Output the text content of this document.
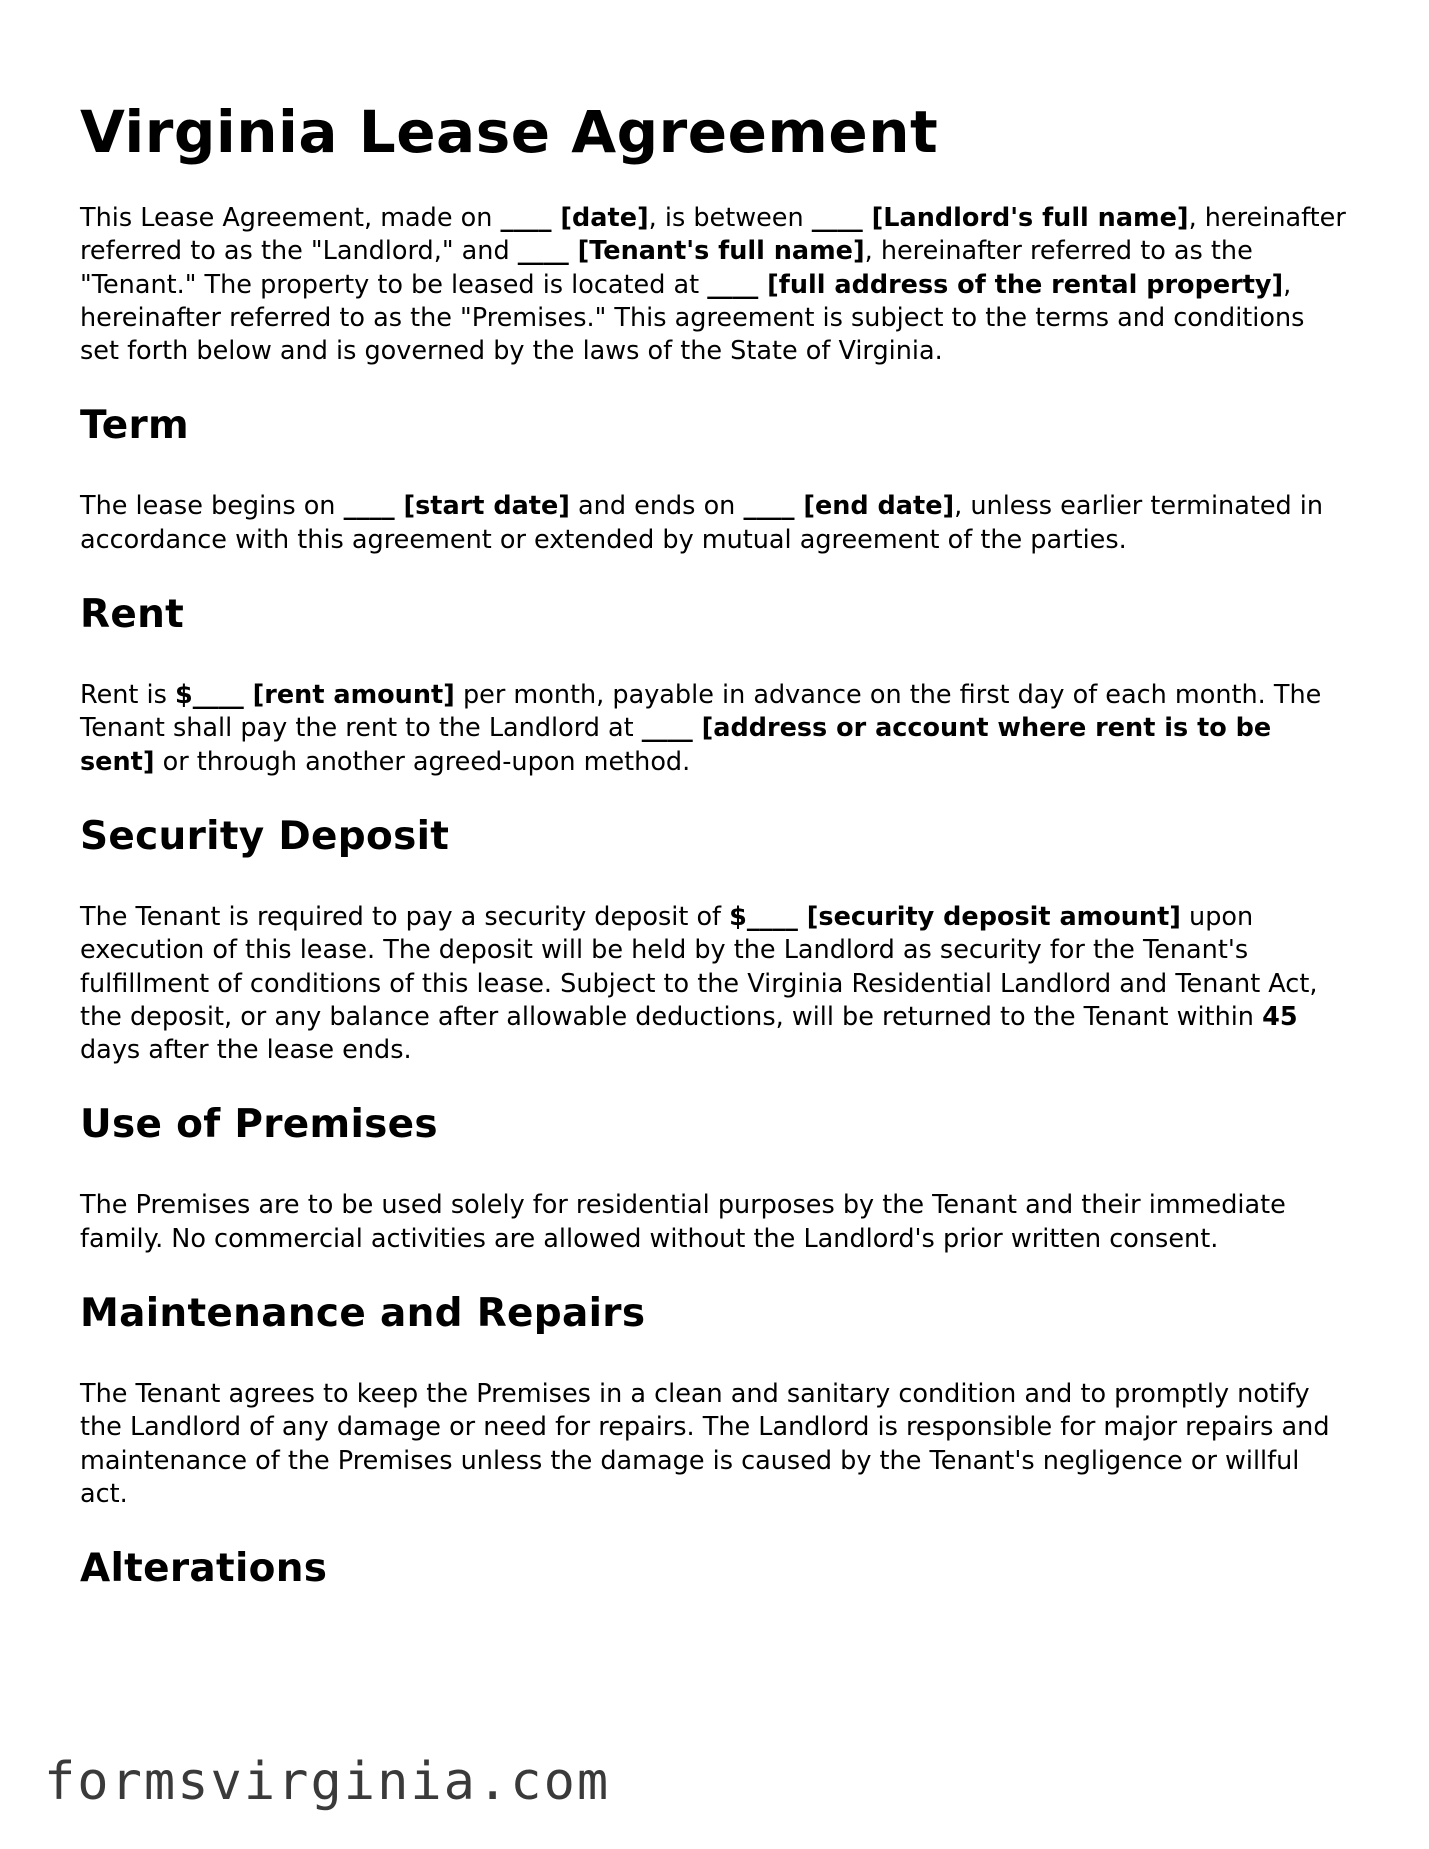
Virginia Lease Agreement

This Lease Agreement, made on ____ [date], is between ____ [Landlord's full name], hereinafter referred to as the "Landlord," and ____ [Tenant's full name], hereinafter referred to as the "Tenant." The property to be leased is located at ____ [full address of the rental property], hereinafter referred to as the "Premises." This agreement is subject to the terms and conditions set forth below and is governed by the laws of the State of Virginia.

Term

The lease begins on ____ [start date] and ends on ____ [end date], unless earlier terminated in accordance with this agreement or extended by mutual agreement of the parties.

Rent

Rent is $____ [rent amount] per month, payable in advance on the first day of each month. The Tenant shall pay the rent to the Landlord at ____ [address or account where rent is to be sent] or through another agreed-upon method.

Security Deposit

The Tenant is required to pay a security deposit of $____ [security deposit amount] upon execution of this lease. The deposit will be held by the Landlord as security for the Tenant's fulfillment of conditions of this lease. Subject to the Virginia Residential Landlord and Tenant Act, the deposit, or any balance after allowable deductions, will be returned to the Tenant within 45 days after the lease ends.

Use of Premises

The Premises are to be used solely for residential purposes by the Tenant and their immediate family. No commercial activities are allowed without the Landlord's prior written consent.

Maintenance and Repairs

The Tenant agrees to keep the Premises in a clean and sanitary condition and to promptly notify the Landlord of any damage or need for repairs. The Landlord is responsible for major repairs and maintenance of the Premises unless the damage is caused by the Tenant's negligence or willful act.

Alterations
formsvirginia.com
